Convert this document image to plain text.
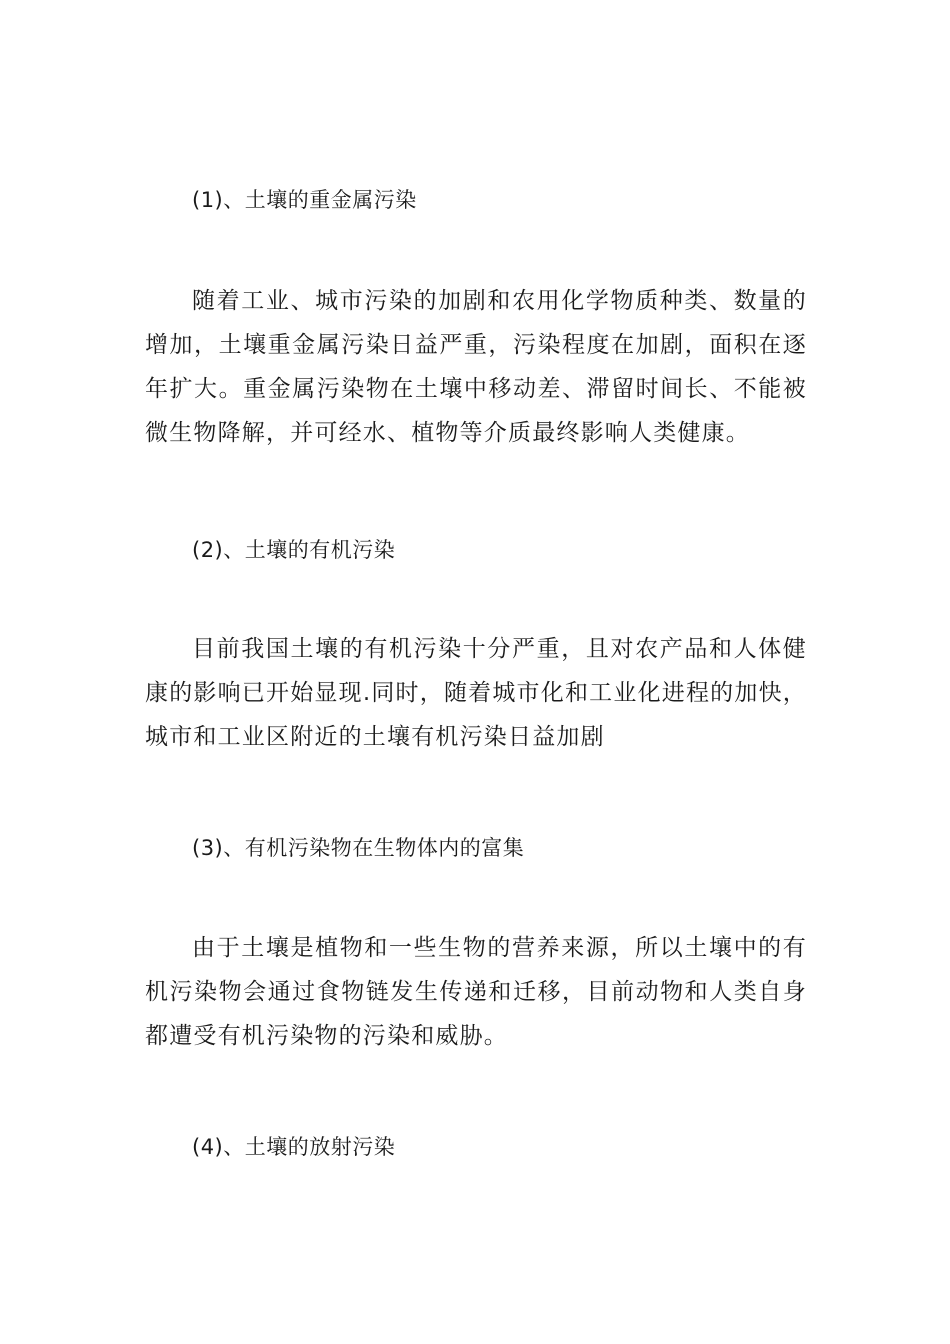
(1)、土壤的重金属污染
随着工业、城市污染的加剧和农用化学物质种类、数量的增加，土壤重金属污染日益严重，污染程度在加剧，面积在逐年扩大。重金属污染物在土壤中移动差、滞留时间长、不能被微生物降解，并可经水、植物等介质最终影响人类健康。
(2)、土壤的有机污染
目前我国土壤的有机污染十分严重，且对农产品和人体健康的影响已开始显现.同时，随着城市化和工业化进程的加快，城市和工业区附近的土壤有机污染日益加剧
(3)、有机污染物在生物体内的富集
由于土壤是植物和一些生物的营养来源，所以土壤中的有机污染物会通过食物链发生传递和迁移，目前动物和人类自身都遭受有机污染物的污染和威胁。
(4)、土壤的放射污染
